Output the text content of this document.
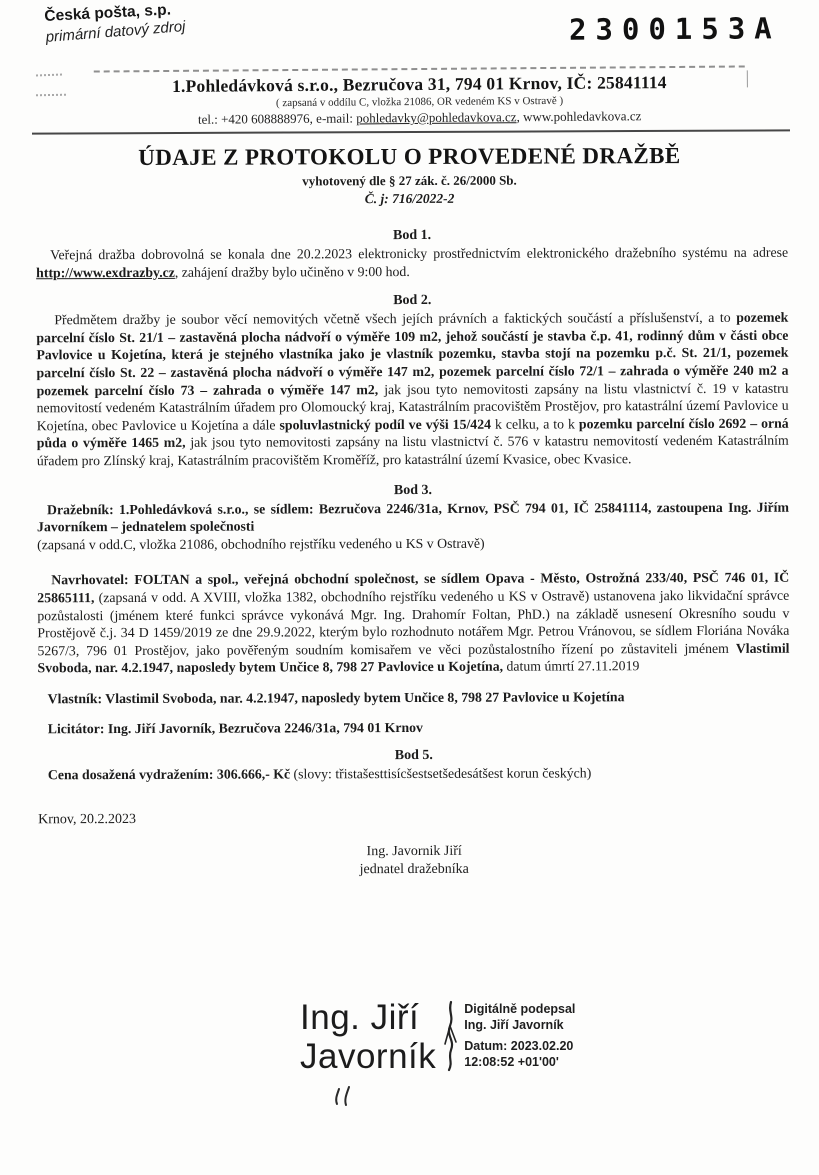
Česká pošta, s.p.
primární datový zdroj	2300153A
1.Pohledávková s.r.o., Bezručova 31, 794 01 Krnov, IČ: 25841114
( zapsaná v oddílu C, vložka 21086, OR vedeném KS v Ostravě )
tel.: +420 608888976, e-mail: pohledavky@pohledavkova.cz, www.pohledavkova.cz
ÚDAJE Z PROTOKOLU O PROVEDENÉ DRAŽBĚ
vyhotovený dle § 27 zák. č. 26/2000 Sb.
Č. j: 716/2022-2
Bod 1.

Veřejná dražba dobrovolná se konala dne 20.2.2023 elektronicky prostřednictvím elektronického dražebního systému na adrese http://www.exdrazby.cz, zahájení dražby bylo učiněno v 9:00 hod.

Bod 2.

Předmětem dražby je soubor věcí nemovitých včetně všech jejích právních a faktických součástí a příslušenství, a to pozemek parcelní číslo St. 21/1 – zastavěná plocha nádvoří o výměře 109 m2, jehož součástí je stavba č.p. 41, rodinný dům v části obce Pavlovice u Kojetína, která je stejného vlastníka jako je vlastník pozemku, stavba stojí na pozemku p.č. St. 21/1, pozemek parcelní číslo St. 22 – zastavěná plocha nádvoří o výměře 147 m2, pozemek parcelní číslo 72/1 – zahrada o výměře 240 m2 a pozemek parcelní číslo 73 – zahrada o výměře 147 m2, jak jsou tyto nemovitosti zapsány na listu vlastnictví č. 19 v katastru nemovitostí vedeném Katastrálním úřadem pro Olomoucký kraj, Katastrálním pracovištěm Prostějov, pro katastrální území Pavlovice u Kojetína, obec Pavlovice u Kojetína a dále spoluvlastnický podíl ve výši 15/424 k celku, a to k pozemku parcelní číslo 2692 – orná půda o výměře 1465 m2, jak jsou tyto nemovitosti zapsány na listu vlastnictví č. 576 v katastru nemovitostí vedeném Katastrálním úřadem pro Zlínský kraj, Katastrálním pracovištěm Kroměříž, pro katastrální území Kvasice, obec Kvasice.

Bod 3.

Dražebník: 1.Pohledávková s.r.o., se sídlem: Bezručova 2246/31a, Krnov, PSČ 794 01, IČ 25841114, zastoupena Ing. Jiřím Javorníkem – jednatelem společnosti

(zapsaná v odd.C, vložka 21086, obchodního rejstříku vedeného u KS v Ostravě)

Navrhovatel: FOLTAN a spol., veřejná obchodní společnost, se sídlem Opava - Město, Ostrožná 233/40, PSČ 746 01, IČ 25865111, (zapsaná v odd. A XVIII, vložka 1382, obchodního rejstříku vedeného u KS v Ostravě) ustanovena jako likvidační správce pozůstalosti (jménem které funkci správce vykonává Mgr. Ing. Drahomír Foltan, PhD.) na základě usnesení Okresního soudu v Prostějově č.j. 34 D 1459/2019 ze dne 29.9.2022, kterým bylo rozhodnuto notářem Mgr. Petrou Vránovou, se sídlem Floriána Nováka 5267/3, 796 01 Prostějov, jako pověřeným soudním komisařem ve věci pozůstalostního řízení po zůstaviteli jménem Vlastimil Svoboda, nar. 4.2.1947, naposledy bytem Unčice 8, 798 27 Pavlovice u Kojetína, datum úmrtí 27.11.2019

Vlastník: Vlastimil Svoboda, nar. 4.2.1947, naposledy bytem Unčice 8, 798 27 Pavlovice u Kojetína

Licitátor: Ing. Jiří Javorník, Bezručova 2246/31a, 794 01 Krnov

Bod 5.

Cena dosažená vydražením: 306.666,- Kč (slovy: třistašesttisícšestsetšedesátšest korun českých)

Krnov, 20.2.2023
Ing. Javornik Jiří
jednatel dražebníka
Ing. Jiří
Javorník
Digitálně podepsal
Ing. Jiří Javorník
Datum: 2023.02.20
12:08:52 +01'00'
